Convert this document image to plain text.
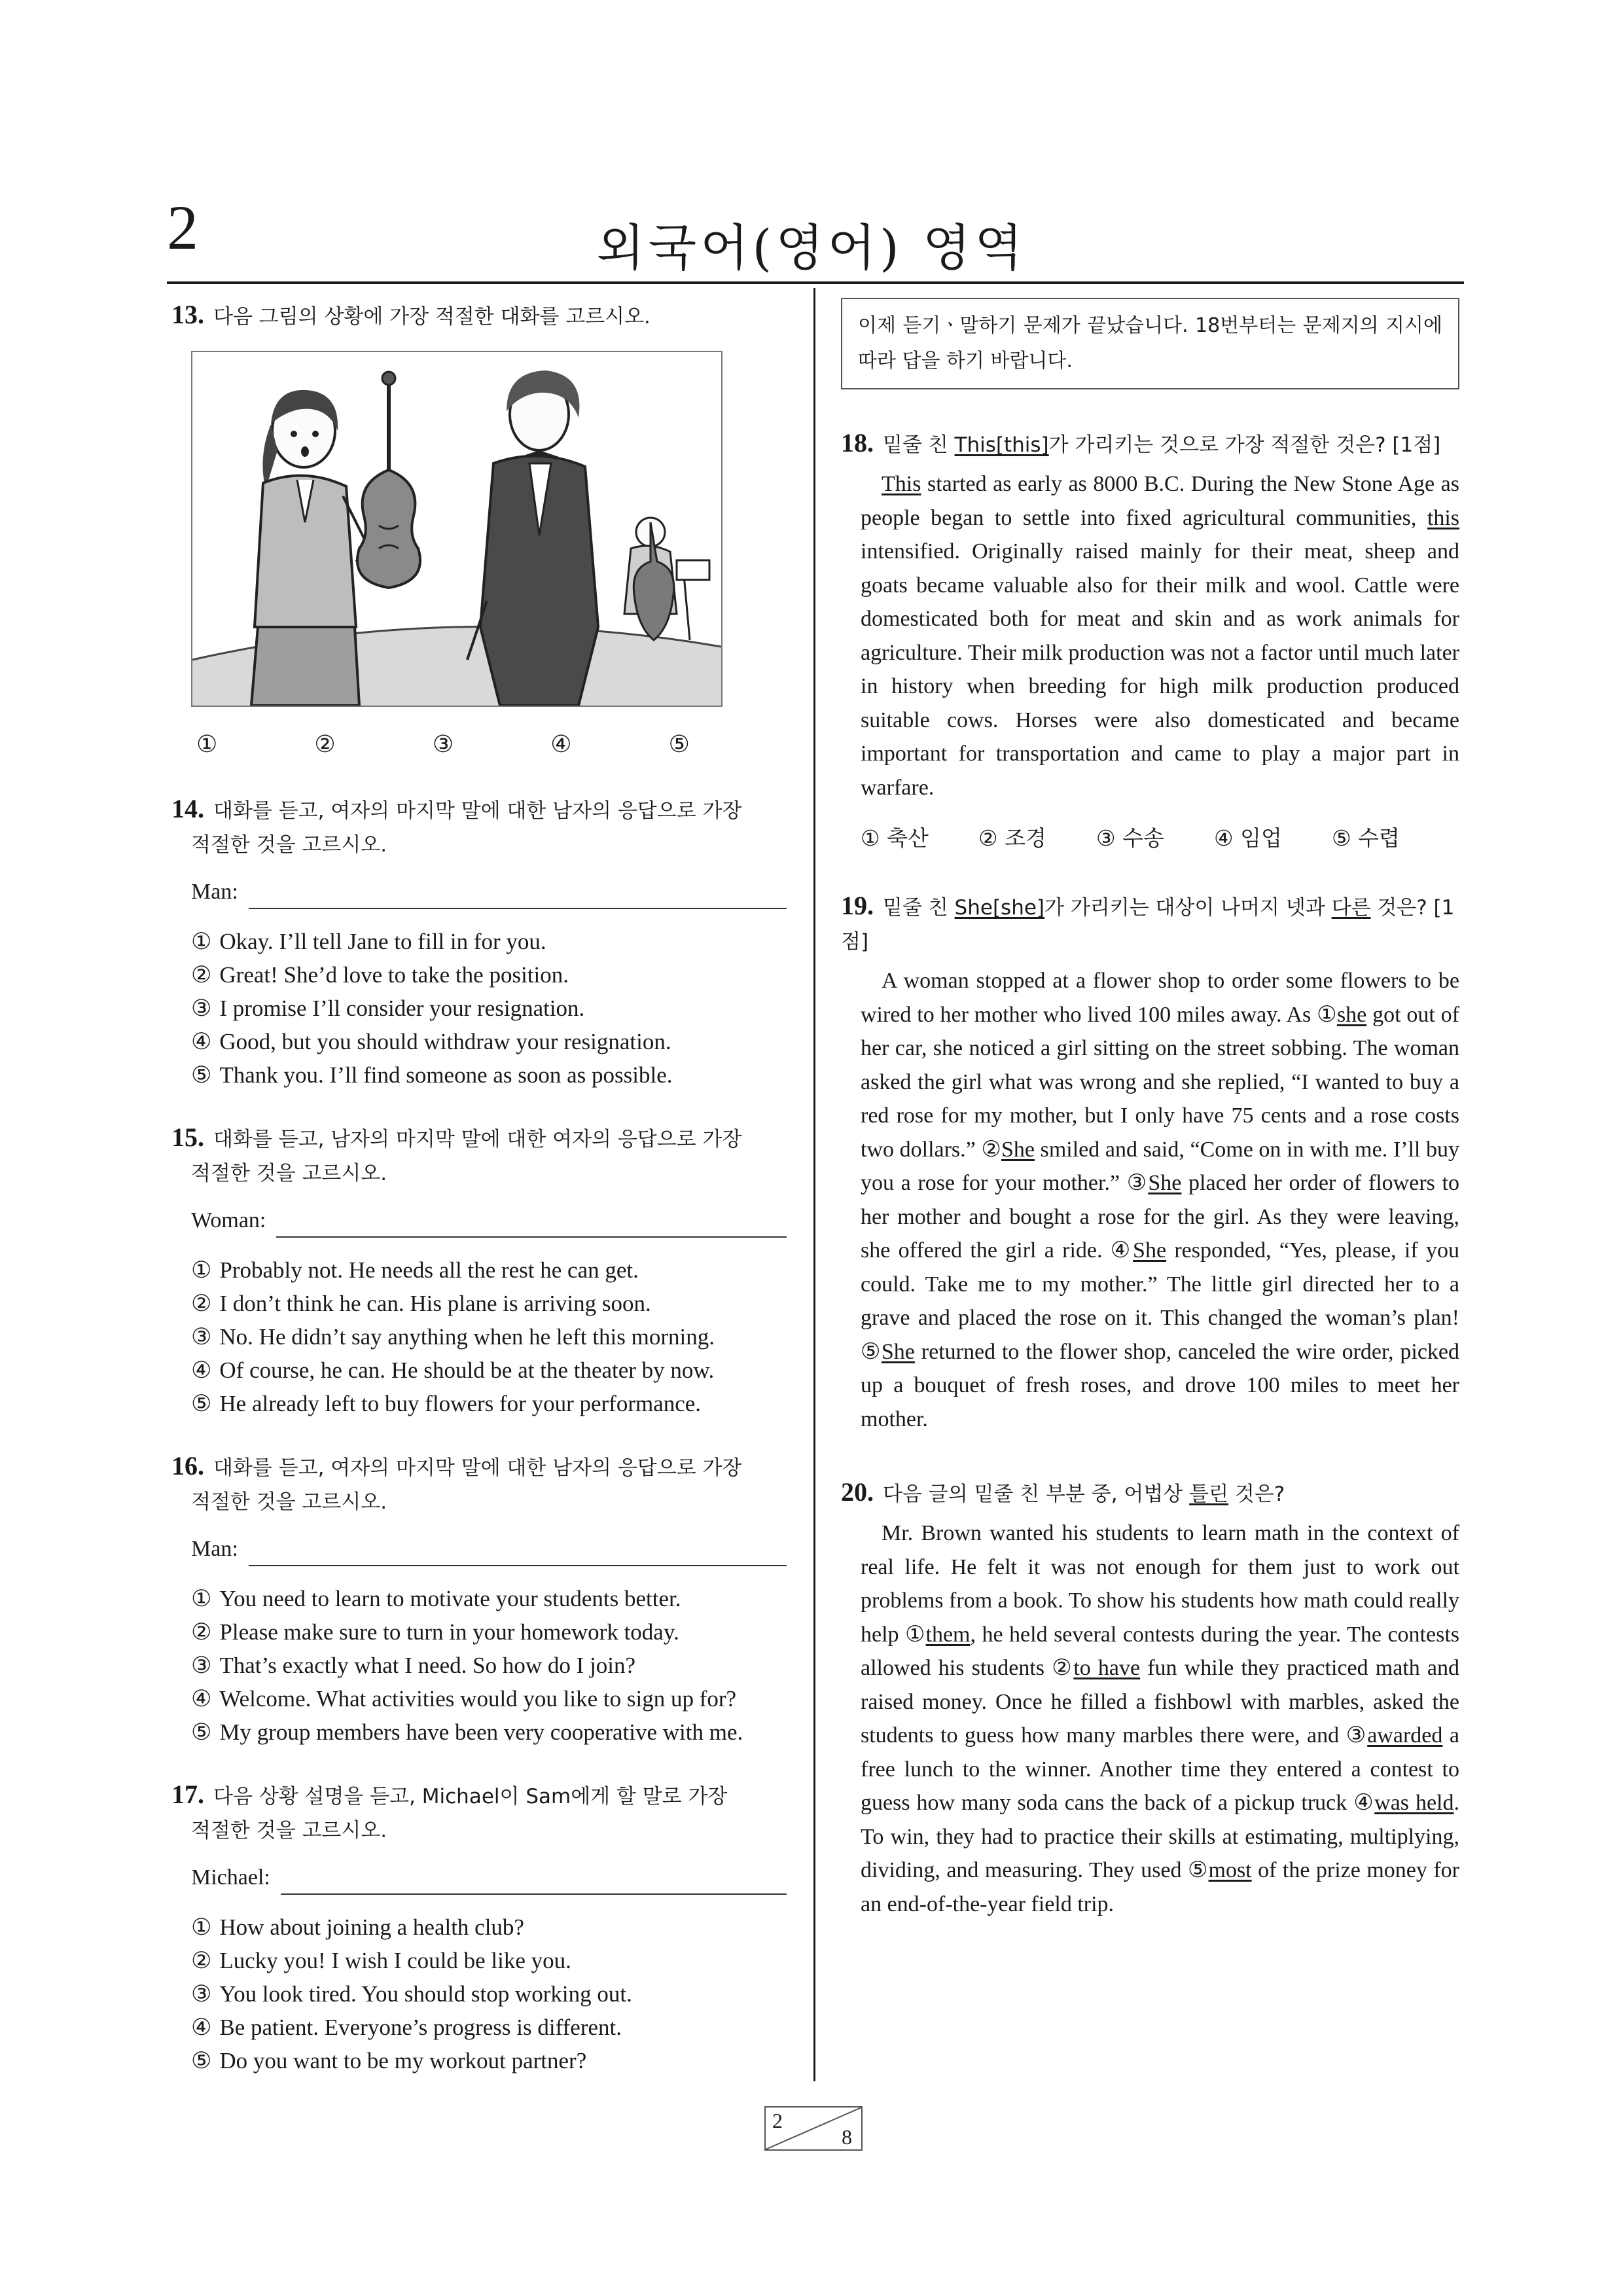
2	외국어(영어) 영역
13. 다음 그림의 상황에 가장 적절한 대화를 고르시오.
①	②	③	④	⑤
14. 대화를 듣고, 여자의 마지막 말에 대한 남자의 응답으로 가장
적절한 것을 고르시오.
Man:
① Okay. I’ll tell Jane to fill in for you.
② Great! She’d love to take the position.
③ I promise I’ll consider your resignation.
④ Good, but you should withdraw your resignation.
⑤ Thank you. I’ll find someone as soon as possible.
15. 대화를 듣고, 남자의 마지막 말에 대한 여자의 응답으로 가장
적절한 것을 고르시오.
Woman:
① Probably not. He needs all the rest he can get.
② I don’t think he can. His plane is arriving soon.
③ No. He didn’t say anything when he left this morning.
④ Of course, he can. He should be at the theater by now.
⑤ He already left to buy flowers for your performance.
16. 대화를 듣고, 여자의 마지막 말에 대한 남자의 응답으로 가장
적절한 것을 고르시오.
Man:
① You need to learn to motivate your students better.
② Please make sure to turn in your homework today.
③ That’s exactly what I need. So how do I join?
④ Welcome. What activities would you like to sign up for?
⑤ My group members have been very cooperative with me.
17. 다음 상황 설명을 듣고, Michael이 Sam에게 할 말로 가장
적절한 것을 고르시오.
Michael:
① How about joining a health club?
② Lucky you! I wish I could be like you.
③ You look tired. You should stop working out.
④ Be patient. Everyone’s progress is different.
⑤ Do you want to be my workout partner?
이제 듣기ㆍ말하기 문제가 끝났습니다. 18번부터는 문제지의 지시에 따라 답을 하기 바랍니다.
18. 밑줄 친 This[this]가 가리키는 것으로 가장 적절한 것은? [1점]
This started as early as 8000 B.C. During the New Stone Age as people began to settle into fixed agricultural communities, this intensified. Originally raised mainly for their meat, sheep and goats became valuable also for their milk and wool. Cattle were domesticated both for meat and skin and as work animals for agriculture. Their milk production was not a factor until much later in history when breeding for high milk production produced suitable cows. Horses were also domesticated and became important for transportation and came to play a major part in warfare.
① 축산	② 조경	③ 수송	④ 임업	⑤ 수렵
19. 밑줄 친 She[she]가 가리키는 대상이 나머지 넷과 다른 것은? [1점]
A woman stopped at a flower shop to order some flowers to be wired to her mother who lived 100 miles away. As ①she got out of her car, she noticed a girl sitting on the street sobbing. The woman asked the girl what was wrong and she replied, “I wanted to buy a red rose for my mother, but I only have 75 cents and a rose costs two dollars.” ②She smiled and said, “Come on in with me. I’ll buy you a rose for your mother.” ③She placed her order of flowers to her mother and bought a rose for the girl. As they were leaving, she offered the girl a ride. ④She responded, “Yes, please, if you could. Take me to my mother.” The little girl directed her to a grave and placed the rose on it. This changed the woman’s plan! ⑤She returned to the flower shop, canceled the wire order, picked up a bouquet of fresh roses, and drove 100 miles to meet her mother.
20. 다음 글의 밑줄 친 부분 중, 어법상 틀린 것은?
Mr. Brown wanted his students to learn math in the context of real life. He felt it was not enough for them just to work out problems from a book. To show his students how math could really help ①them, he held several contests during the year. The contests allowed his students ②to have fun while they practiced math and raised money. Once he filled a fishbowl with marbles, asked the students to guess how many marbles there were, and ③awarded a free lunch to the winner. Another time they entered a contest to guess how many soda cans the back of a pickup truck ④was held. To win, they had to practice their skills at estimating, multiplying, dividing, and measuring. They used ⑤most of the prize money for an end-of-the-year field trip.
2
8
